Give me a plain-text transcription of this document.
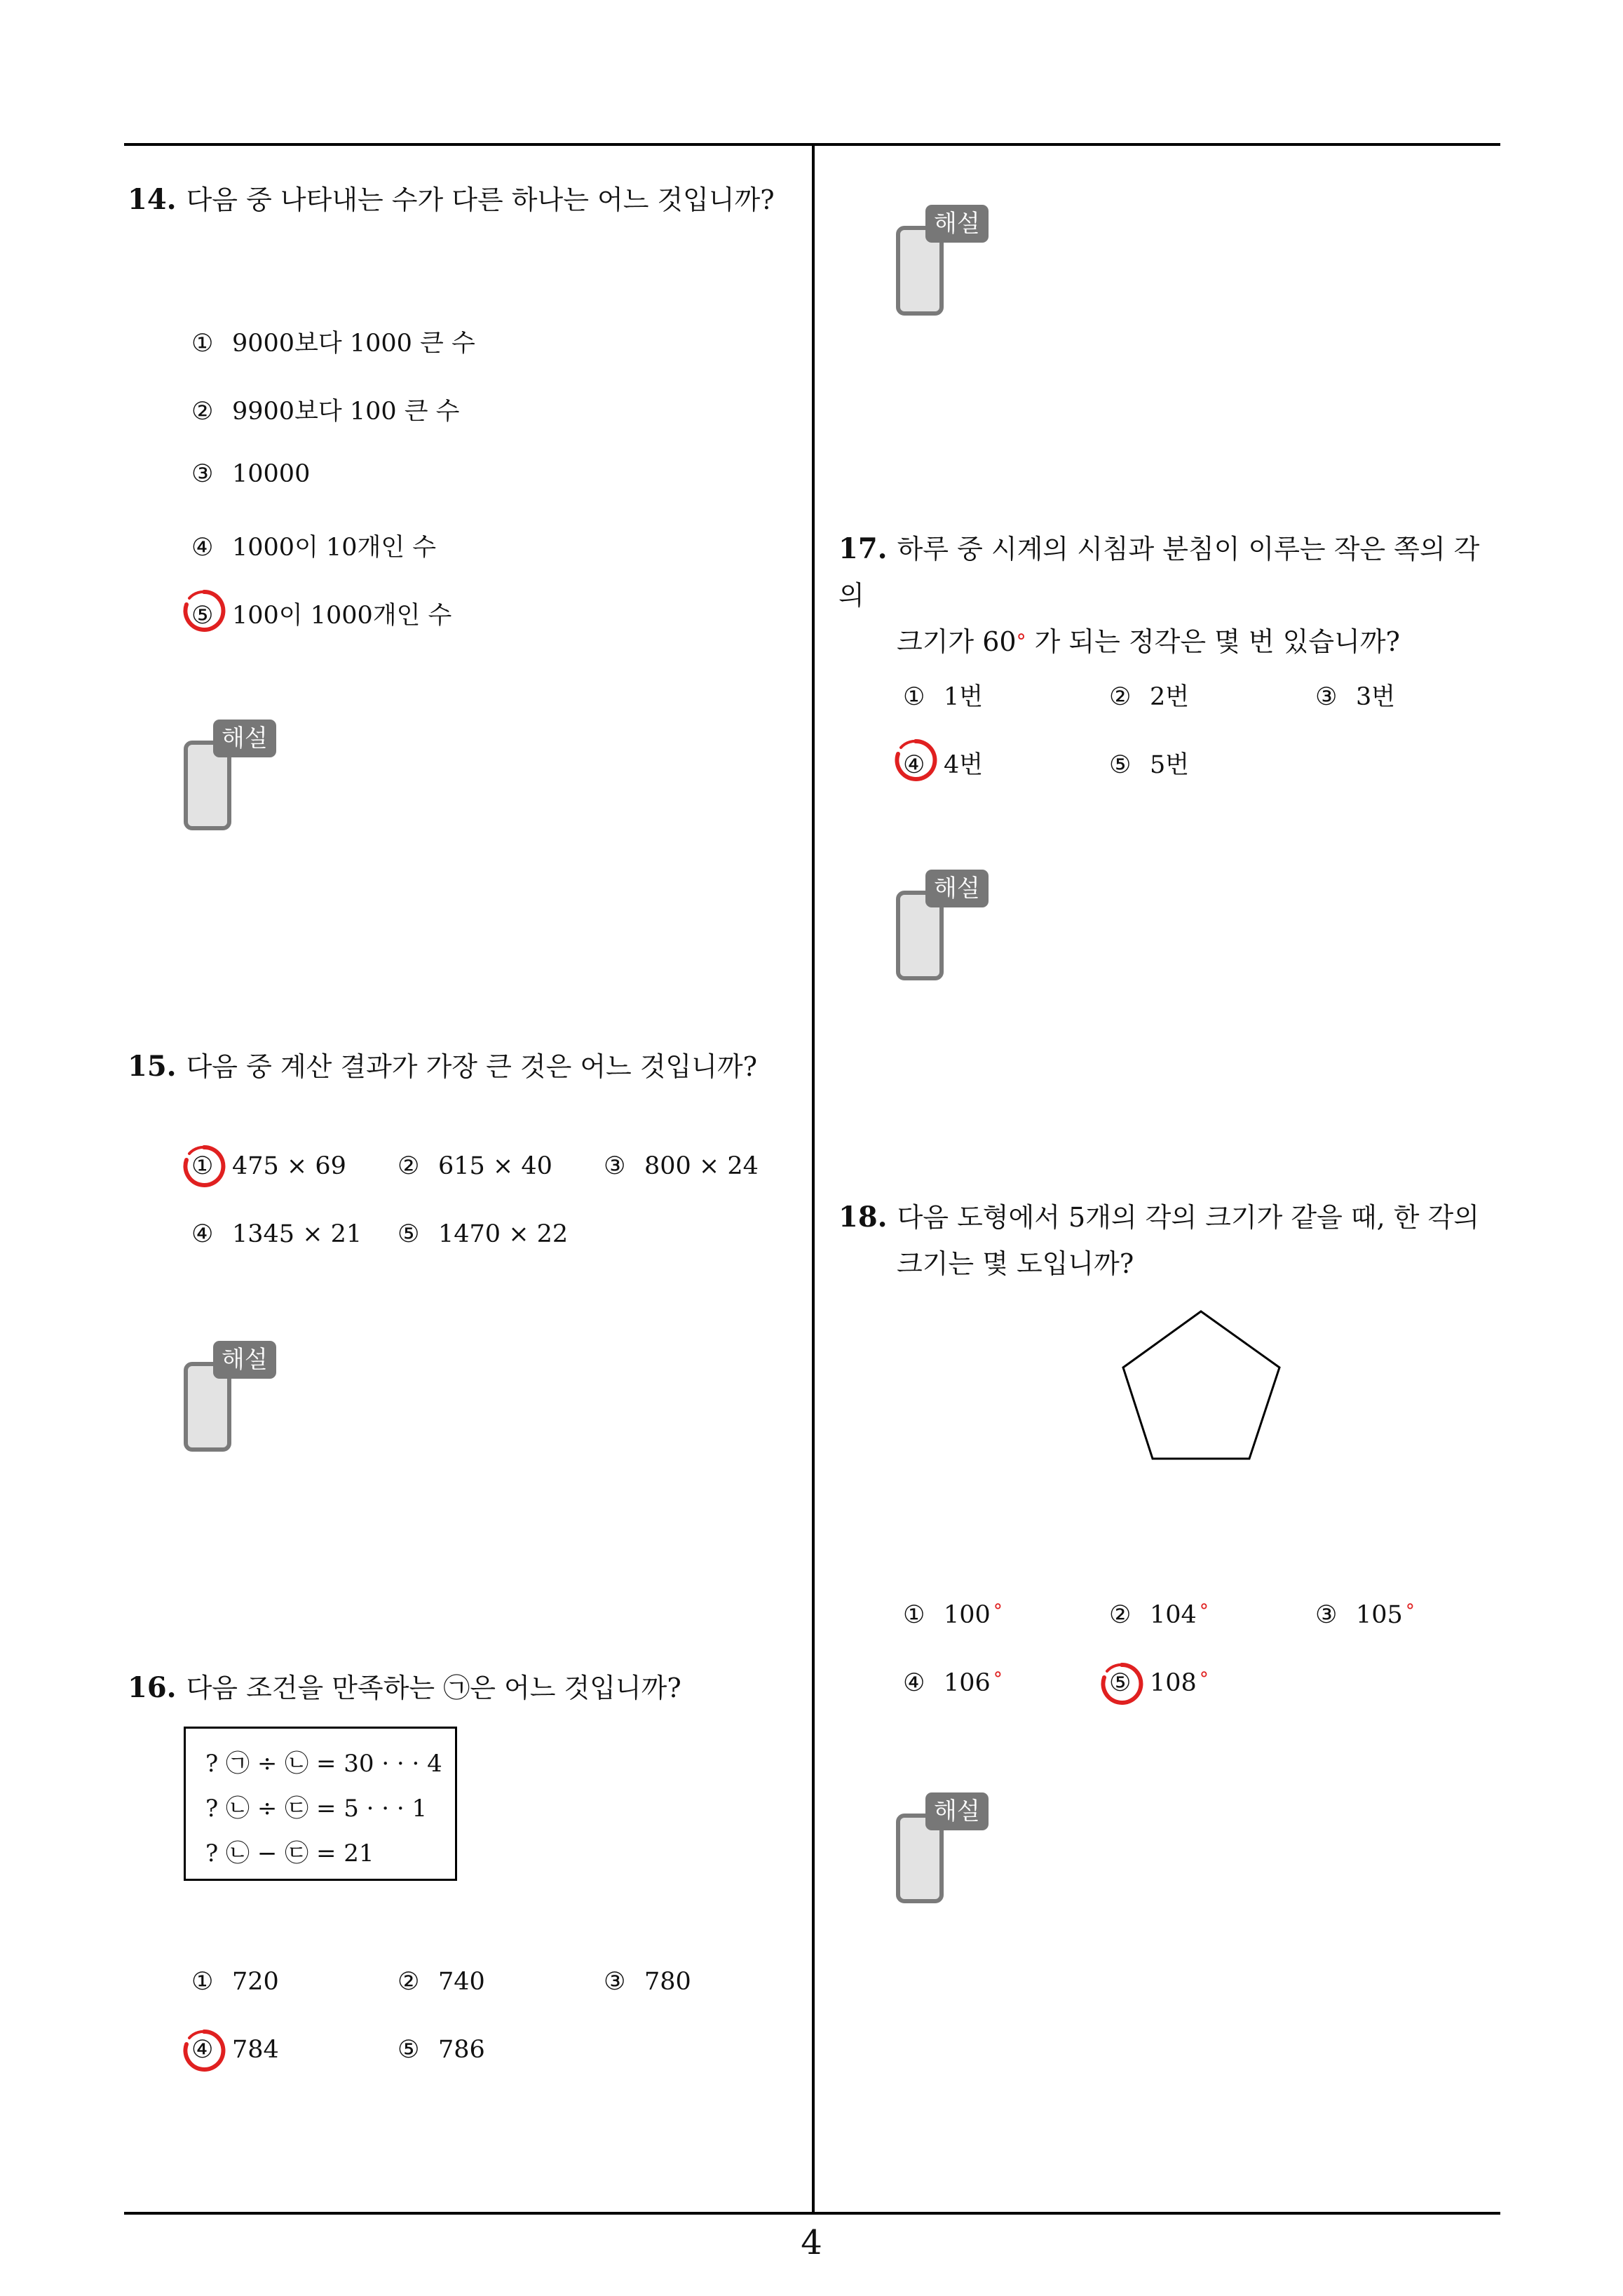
14. 다음 중 나타내는 수가 다른 하나는 어느 것입니까?
① 9000보다 1000 큰 수
② 9900보다 100 큰 수
③ 10000
④ 1000이 10개인 수
⑤ 100이 1000개인 수
해설
15. 다음 중 계산 결과가 가장 큰 것은 어느 것입니까?
① 475 × 69 ② 615 × 40 ③ 800 × 24
④ 1345 × 21 ⑤ 1470 × 22
해설
16. 다음 조건을 만족하는 ㉠은 어느 것입니까?
? ㉠ ÷ ㉡ = 30 · · · 4
? ㉡ ÷ ㉢ = 5 · · · 1
? ㉡ − ㉢ = 21
① 720	② 740	③ 780
④ 784	⑤ 786
해설
17. 하루 중 시계의 시침과 분침이 이루는 작은 쪽의 각의
크기가 60° 가 되는 정각은 몇 번 있습니까?
① 1번	② 2번	③ 3번
④ 4번	⑤ 5번
해설
18. 다음 도형에서 5개의 각의 크기가 같을 때, 한 각의
크기는 몇 도입니까?
① 100 °	② 104 °	③ 105 °
④ 106 °	⑤ 108 °
해설
4
